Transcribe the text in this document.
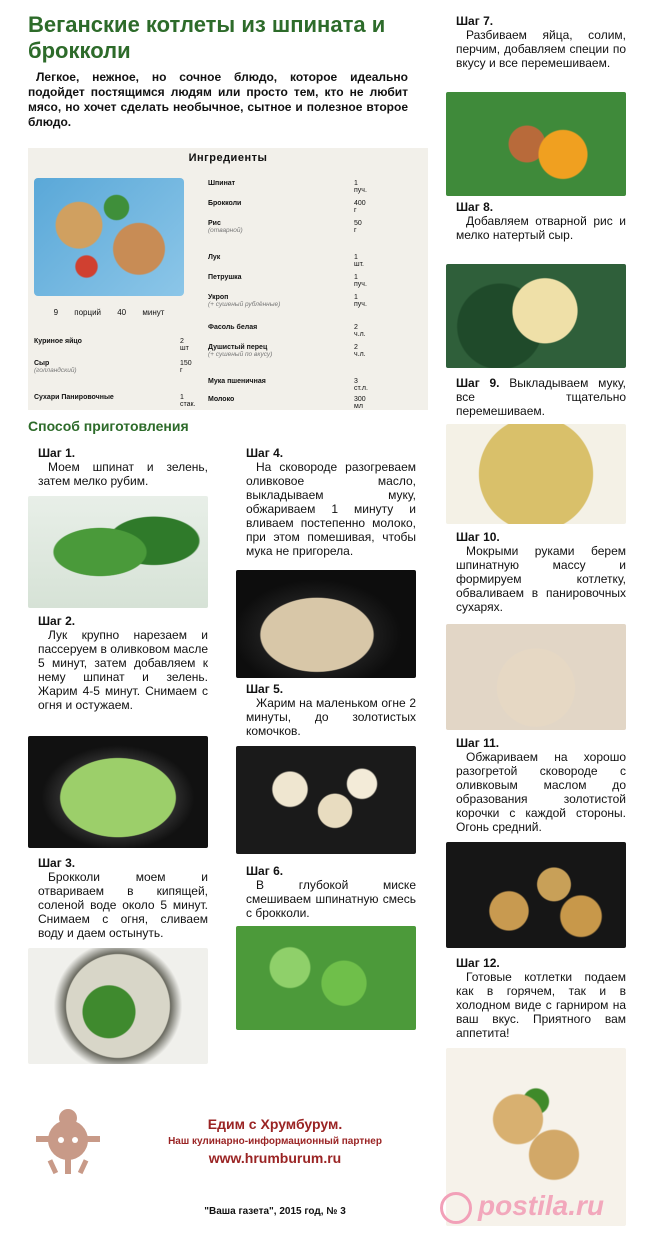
Веганские котлеты из шпината и брокколи
Легкое, нежное, но сочное блюдо, которое идеально подойдет постящимся людям или просто тем, кто не любит мясо, но хочет сделать необычное, сытное и полезное второе блюдо.
Ингредиенты
9 порций 40 минут
Куриное яйцо	2 шт
Сыр	150 г
(голландский)
Сухари Панировочные	1 стак.
Шпинат	1 пуч.
Брокколи	400 г
Рис	50 г
(отварной)
Лук	1 шт.
Петрушка	1 пуч.
Укроп	1 пуч.
(+ сушеный рублённые)
Фасоль белая	2 ч.л.
Душистый перец	2 ч.л.
(+ сушеный по вкусу)
Мука пшеничная	3 ст.л.
Молоко	300 мл
Способ приготовления
Шаг 1.
Моем шпинат и зелень, затем мелко рубим.
Шаг 2.
Лук крупно нарезаем и пассеруем в оливковом масле 5 минут, затем добавляем к нему шпинат и зелень. Жарим 4-5 минут. Снимаем с огня и остужаем.
Шаг 3.
Брокколи моем и отвариваем в кипящей, соленой воде около 5 минут. Снимаем с огня, сливаем воду и даем остынуть.
Шаг 4.
На сковороде разогреваем оливковое масло, выкладываем муку, обжариваем 1 минуту и вливаем постепенно молоко, при этом помешивая, чтобы мука не пригорела.
Шаг 5.
Жарим на маленьком огне 2 минуты, до золотистых комочков.
Шаг 6.
В глубокой миске смешиваем шпинатную смесь с брокколи.
Шаг 7.
Разбиваем яйца, солим, перчим, добавляем специи по вкусу и все перемешиваем.
Шаг 8.
Добавляем отварной рис и мелко натертый сыр.
Шаг 9. Выкладываем муку, все тщательно перемешиваем.
Шаг 10.
Мокрыми руками берем шпинатную массу и формируем котлетку, обваливаем в панировочных сухарях.
Шаг 11.
Обжариваем на хорошо разогретой сковороде с оливковым маслом до образования золотистой корочки с каждой стороны. Огонь средний.
Шаг 12.
Готовые котлетки подаем как в горячем, так и в холодном виде с гарниром на ваш вкус. Приятного вам аппетита!
Едим с Хрумбурум.
Наш кулинарно-информационный партнер
www.hrumburum.ru
"Ваша газета", 2015 год, № 3	postila.ru
